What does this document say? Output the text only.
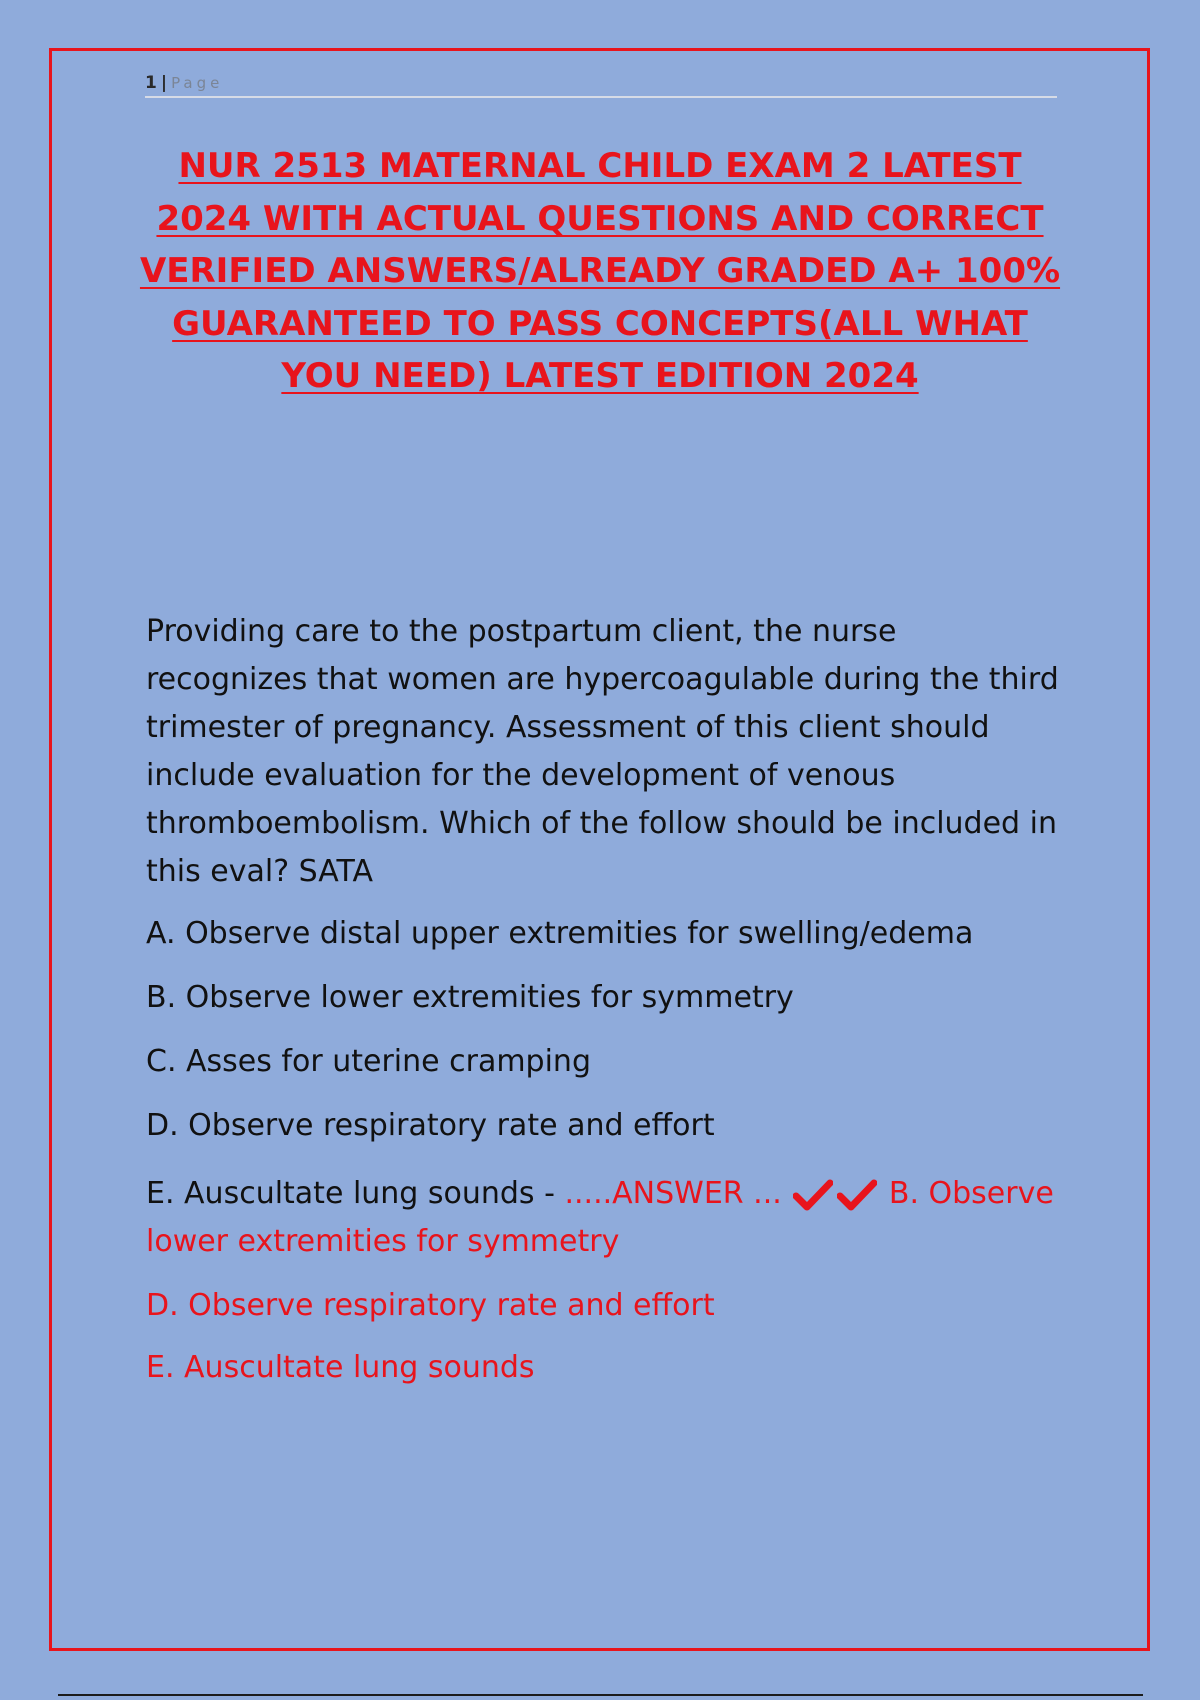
1 | Page
NUR 2513 MATERNAL CHILD EXAM 2 LATEST 2024 WITH ACTUAL QUESTIONS AND CORRECT VERIFIED ANSWERS/ALREADY GRADED A+ 100% GUARANTEED TO PASS CONCEPTS(ALL WHAT YOU NEED) LATEST EDITION 2024

Providing care to the postpartum client, the nurse recognizes that women are hypercoagulable during the third trimester of pregnancy. Assessment of this client should include evaluation for the development of venous thromboembolism. Which of the follow should be included in this eval? SATA

A. Observe distal upper extremities for swelling/edema

B. Observe lower extremities for symmetry

C. Asses for uterine cramping

D. Observe respiratory rate and effort

E. Auscultate lung sounds - .....ANSWER ...	B. Observe lower extremities for symmetry

D. Observe respiratory rate and effort

E. Auscultate lung sounds
